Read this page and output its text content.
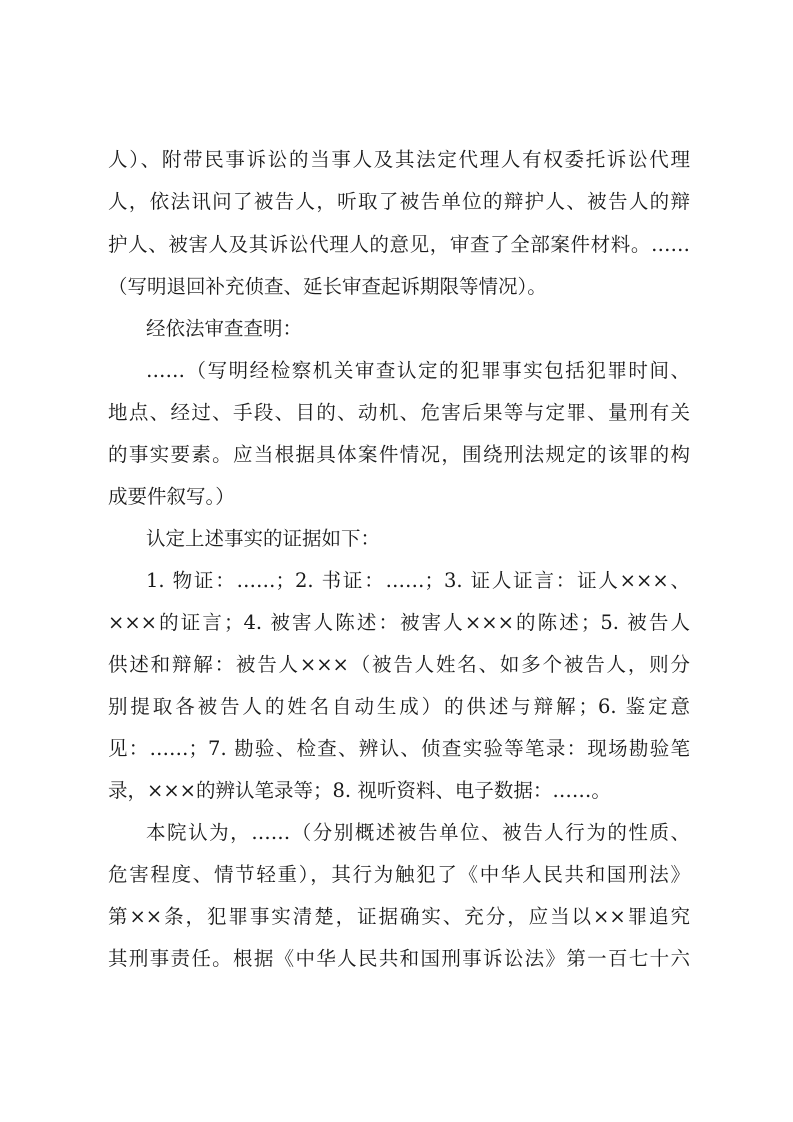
人）、附带民事诉讼的当事人及其法定代理人有权委托诉讼代理
人，依法讯问了被告人，听取了被告单位的辩护人、被告人的辩
护人、被害人及其诉讼代理人的意见，审查了全部案件材料。……
（写明退回补充侦查、延长审查起诉期限等情况）。
经依法审查查明：
……（写明经检察机关审查认定的犯罪事实包括犯罪时间、
地点、经过、手段、目的、动机、危害后果等与定罪、量刑有关
的事实要素。应当根据具体案件情况，围绕刑法规定的该罪的构
成要件叙写。）
认定上述事实的证据如下：
1. 物证：……；2. 书证：……；3. 证人证言：证人×××、
×××的证言；4. 被害人陈述：被害人×××的陈述；5. 被告人
供述和辩解：被告人×××（被告人姓名、如多个被告人，则分
别提取各被告人的姓名自动生成）的供述与辩解；6. 鉴定意
见：……；7. 勘验、检查、辨认、侦查实验等笔录：现场勘验笔
录，×××的辨认笔录等；8. 视听资料、电子数据：……。
本院认为，……（分别概述被告单位、被告人行为的性质、
危害程度、情节轻重），其行为触犯了《中华人民共和国刑法》
第××条，犯罪事实清楚，证据确实、充分，应当以××罪追究
其刑事责任。根据《中华人民共和国刑事诉讼法》第一百七十六
